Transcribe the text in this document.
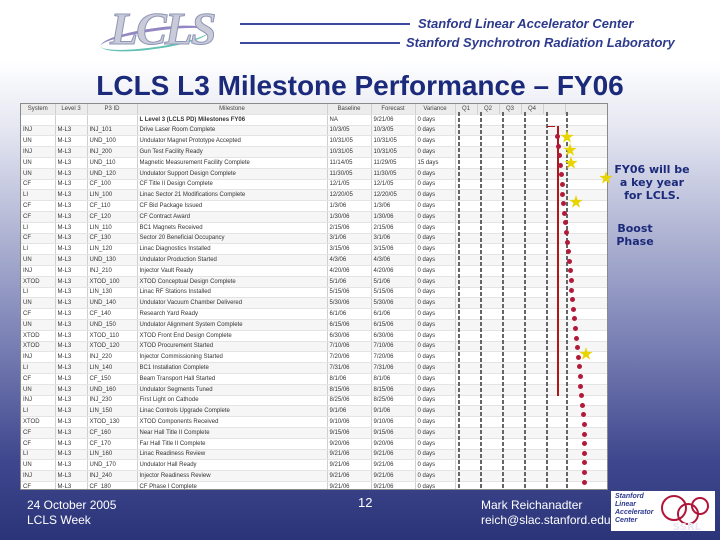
LCLS	Stanford Linear Accelerator Center
Stanford Synchrotron Radiation Laboratory
LCLS L3 Milestone Performance – FY06
System	Level 3	P3 ID	Milestone	Baseline	Forecast	Variance	Q1	Q2	Q3	Q4		
			L Level 3 (LCLS PD) Milestones FY06	NA	9/21/06	0 days						
INJ	M-L3	INJ_101	Drive Laser Room Complete	10/3/05	10/3/05	0 days						
UN	M-L3	UND_100	Undulator Magnet Prototype Accepted	10/31/05	10/31/05	0 days						
INJ	M-L3	INJ_200	Gun Test Facility Ready	10/31/05	10/31/05	0 days						
UN	M-L3	UND_110	Magnetic Measurement Facility Complete	11/14/05	11/29/05	15 days						
UN	M-L3	UND_120	Undulator Support Design Complete	11/30/05	11/30/05	0 days						
CF	M-L3	CF_100	CF Title II Design Complete	12/1/05	12/1/05	0 days						
LI	M-L3	LIN_100	Linac Sector 21 Modifications Complete	12/20/05	12/20/05	0 days						
CF	M-L3	CF_110	CF Bid Package Issued	1/3/06	1/3/06	0 days						
CF	M-L3	CF_120	CF Contract Award	1/30/06	1/30/06	0 days						
LI	M-L3	LIN_110	BC1 Magnets Received	2/15/06	2/15/06	0 days						
CF	M-L3	CF_130	Sector 20 Beneficial Occupancy	3/1/06	3/1/06	0 days						
LI	M-L3	LIN_120	Linac Diagnostics Installed	3/15/06	3/15/06	0 days						
UN	M-L3	UND_130	Undulator Production Started	4/3/06	4/3/06	0 days						
INJ	M-L3	INJ_210	Injector Vault Ready	4/20/06	4/20/06	0 days						
XTOD	M-L3	XTOD_100	XTOD Conceptual Design Complete	5/1/06	5/1/06	0 days						
LI	M-L3	LIN_130	Linac RF Stations Installed	5/15/06	5/15/06	0 days						
UN	M-L3	UND_140	Undulator Vacuum Chamber Delivered	5/30/06	5/30/06	0 days						
CF	M-L3	CF_140	Research Yard Ready	6/1/06	6/1/06	0 days						
UN	M-L3	UND_150	Undulator Alignment System Complete	6/15/06	6/15/06	0 days						
XTOD	M-L3	XTOD_110	XTOD Front End Design Complete	6/30/06	6/30/06	0 days						
XTOD	M-L3	XTOD_120	XTOD Procurement Started	7/10/06	7/10/06	0 days						
INJ	M-L3	INJ_220	Injector Commissioning Started	7/20/06	7/20/06	0 days						
LI	M-L3	LIN_140	BC1 Installation Complete	7/31/06	7/31/06	0 days						
CF	M-L3	CF_150	Beam Transport Hall Started	8/1/06	8/1/06	0 days						
UN	M-L3	UND_160	Undulator Segments Tuned	8/15/06	8/15/06	0 days						
INJ	M-L3	INJ_230	First Light on Cathode	8/25/06	8/25/06	0 days						
LI	M-L3	LIN_150	Linac Controls Upgrade Complete	9/1/06	9/1/06	0 days						
XTOD	M-L3	XTOD_130	XTOD Components Received	9/10/06	9/10/06	0 days						
CF	M-L3	CF_160	Near Hall Title II Complete	9/15/06	9/15/06	0 days						
CF	M-L3	CF_170	Far Hall Title II Complete	9/20/06	9/20/06	0 days						
LI	M-L3	LIN_160	Linac Readiness Review	9/21/06	9/21/06	0 days						
UN	M-L3	UND_170	Undulator Hall Ready	9/21/06	9/21/06	0 days						
INJ	M-L3	INJ_240	Injector Readiness Review	9/21/06	9/21/06	0 days						
CF	M-L3	CF_180	CF Phase I Complete	9/21/06	9/21/06	0 days						

FY06 will be a key year for LCLS.
Boost Phase
24 October 2005
LCLS Week
12	Mark Reichanadter
reich@slac.stanford.edu
Stanford Linear Accelerator Center
SSRL
